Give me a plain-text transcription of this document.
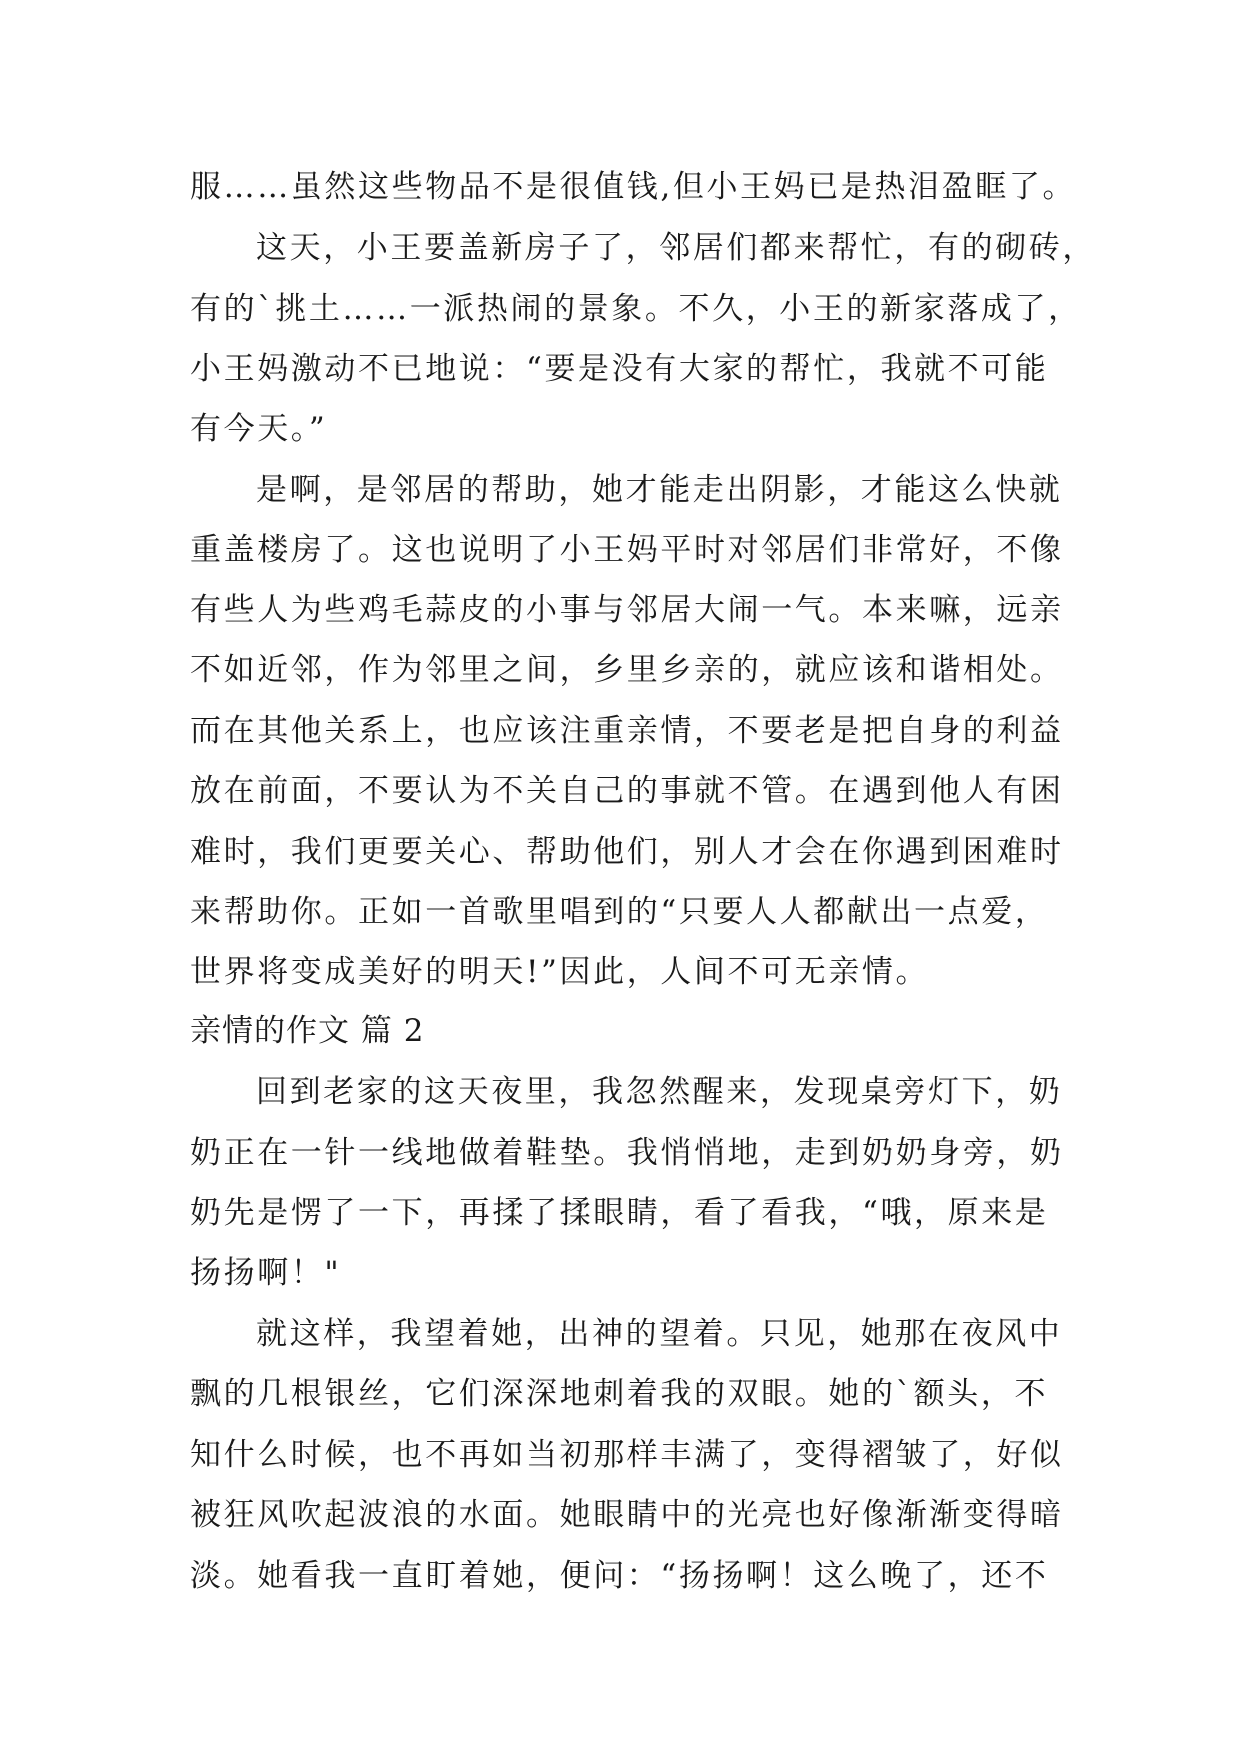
服……虽然这些物品不是很值钱,但小王妈已是热泪盈眶了。
这天，小王要盖新房子了，邻居们都来帮忙，有的砌砖，
有的`挑土……一派热闹的景象。不久，小王的新家落成了，
小王妈激动不已地说：“要是没有大家的帮忙，我就不可能
有今天。”
是啊，是邻居的帮助，她才能走出阴影，才能这么快就
重盖楼房了。这也说明了小王妈平时对邻居们非常好，不像
有些人为些鸡毛蒜皮的小事与邻居大闹一气。本来嘛，远亲
不如近邻，作为邻里之间，乡里乡亲的，就应该和谐相处。
而在其他关系上，也应该注重亲情，不要老是把自身的利益
放在前面，不要认为不关自己的事就不管。在遇到他人有困
难时，我们更要关心、帮助他们，别人才会在你遇到困难时
来帮助你。正如一首歌里唱到的“只要人人都献出一点爱，
世界将变成美好的明天!”因此，人间不可无亲情。
亲情的作文 篇 2
回到老家的这天夜里，我忽然醒来，发现桌旁灯下，奶
奶正在一针一线地做着鞋垫。我悄悄地，走到奶奶身旁，奶
奶先是愣了一下，再揉了揉眼睛，看了看我，“哦，原来是
扬扬啊！"
就这样，我望着她，出神的望着。只见，她那在夜风中
飘的几根银丝，它们深深地刺着我的双眼。她的`额头，不
知什么时候，也不再如当初那样丰满了，变得褶皱了，好似
被狂风吹起波浪的水面。她眼睛中的光亮也好像渐渐变得暗
淡。她看我一直盯着她，便问：“扬扬啊！这么晚了，还不
